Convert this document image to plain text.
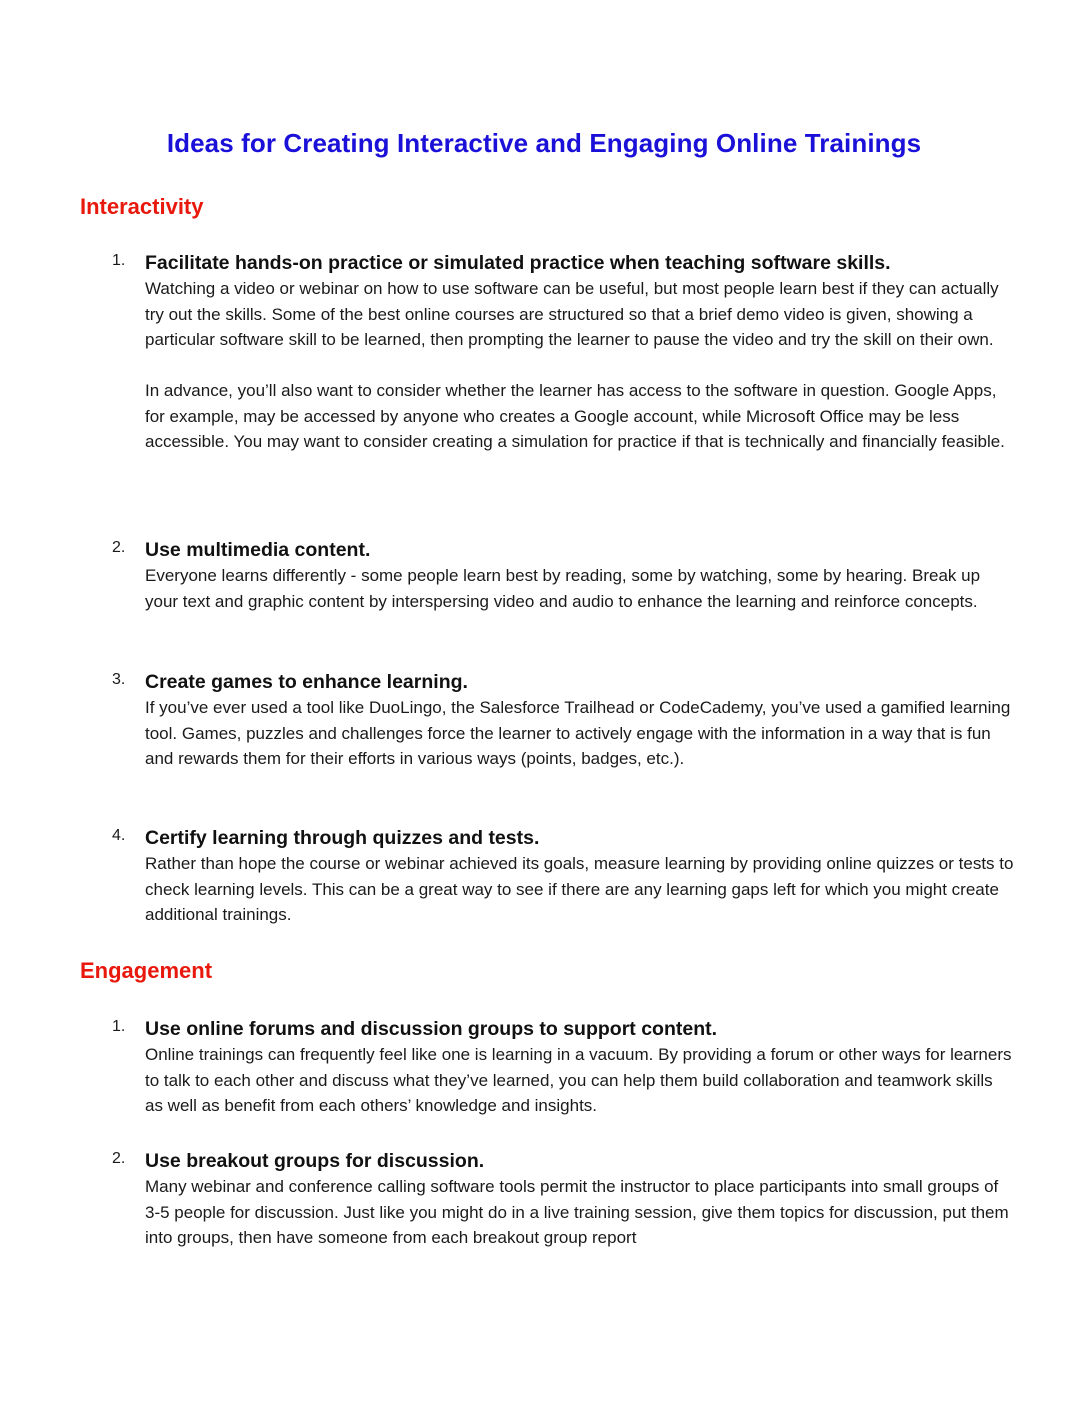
Ideas for Creating Interactive and Engaging Online Trainings
Interactivity
1. Facilitate hands-on practice or simulated practice when teaching software skills.

Watching a video or webinar on how to use software can be useful, but most people learn best if they can actually try out the skills. Some of the best online courses are structured so that a brief demo video is given, showing a particular software skill to be learned, then prompting the learner to pause the video and try the skill on their own.

In advance, you’ll also want to consider whether the learner has access to the software in question. Google Apps, for example, may be accessed by anyone who creates a Google account, while Microsoft Office may be less accessible. You may want to consider creating a simulation for practice if that is technically and financially feasible.

2. Use multimedia content.

Everyone learns differently - some people learn best by reading, some by watching, some by hearing. Break up your text and graphic content by interspersing video and audio to enhance the learning and reinforce concepts.

3. Create games to enhance learning.

If you’ve ever used a tool like DuoLingo, the Salesforce Trailhead or CodeCademy, you’ve used a gamified learning tool. Games, puzzles and challenges force the learner to actively engage with the information in a way that is fun and rewards them for their efforts in various ways (points, badges, etc.).

4. Certify learning through quizzes and tests.

Rather than hope the course or webinar achieved its goals, measure learning by providing online quizzes or tests to check learning levels. This can be a great way to see if there are any learning gaps left for which you might create additional trainings.

Engagement
1. Use online forums and discussion groups to support content.

Online trainings can frequently feel like one is learning in a vacuum. By providing a forum or other ways for learners to talk to each other and discuss what they’ve learned, you can help them build collaboration and teamwork skills as well as benefit from each others’ knowledge and insights.

2. Use breakout groups for discussion.

Many webinar and conference calling software tools permit the instructor to place participants into small groups of 3-5 people for discussion. Just like you might do in a live training session, give them topics for discussion, put them into groups, then have someone from each breakout group report
